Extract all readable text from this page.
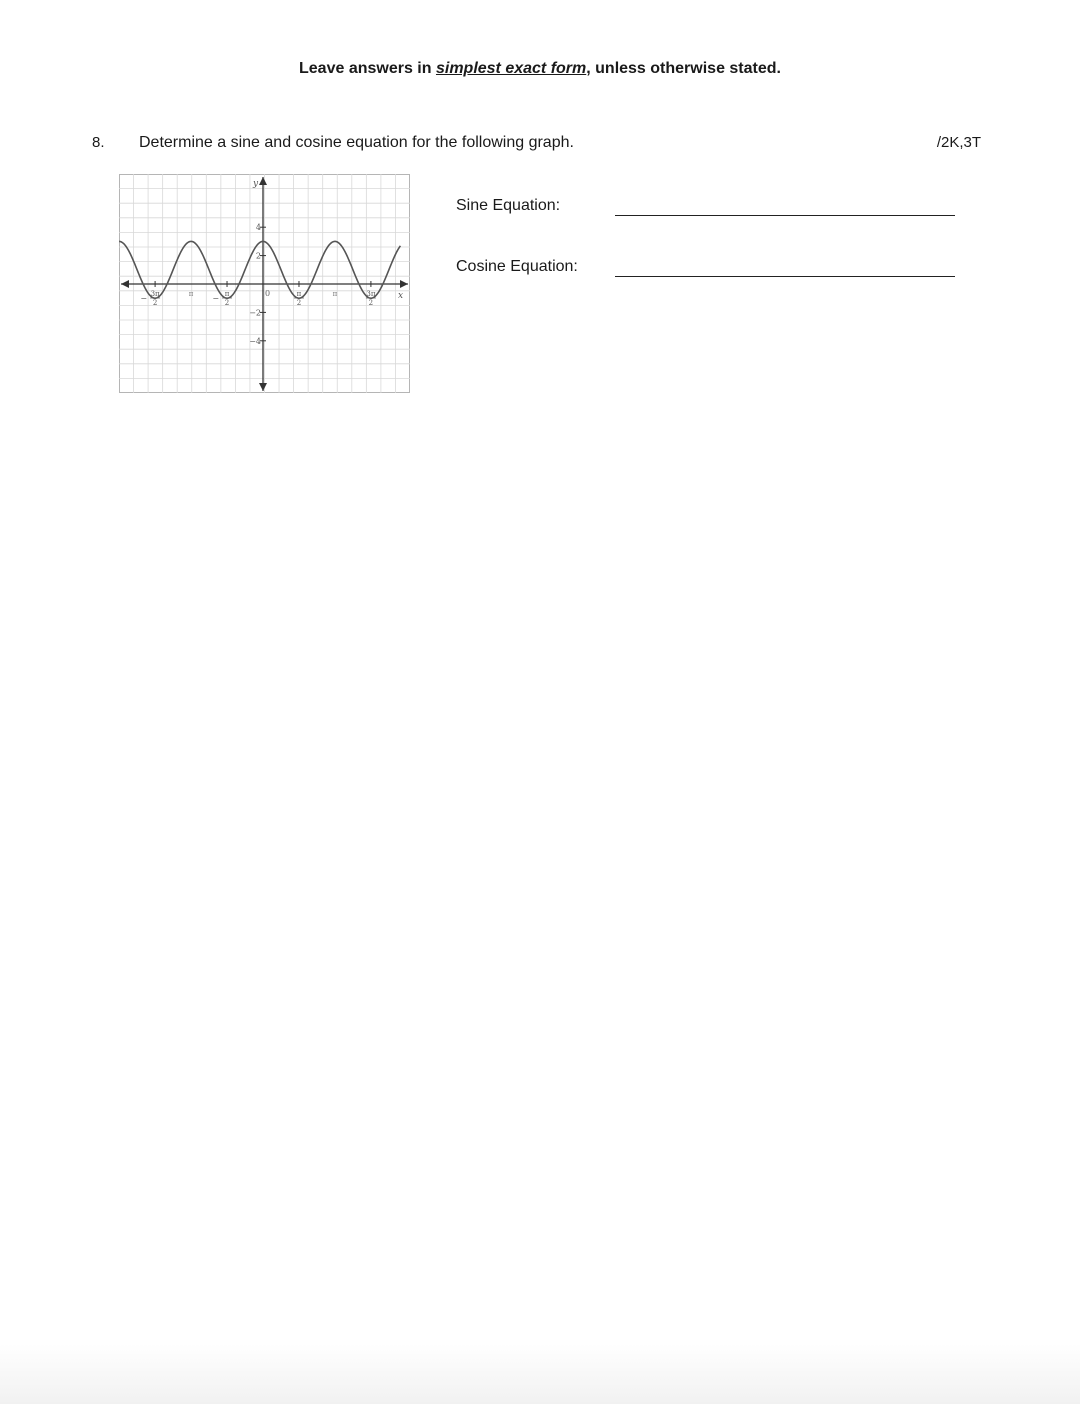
Leave answers in simplest exact form, unless otherwise stated.
8. Determine a sine and cosine equation for the following graph.	/2K,3T
y
x
0
4
2
−2
−4
− 3π
2	− π
2
π
2
3π
2
π	π
Sine Equation:
Cosine Equation:
